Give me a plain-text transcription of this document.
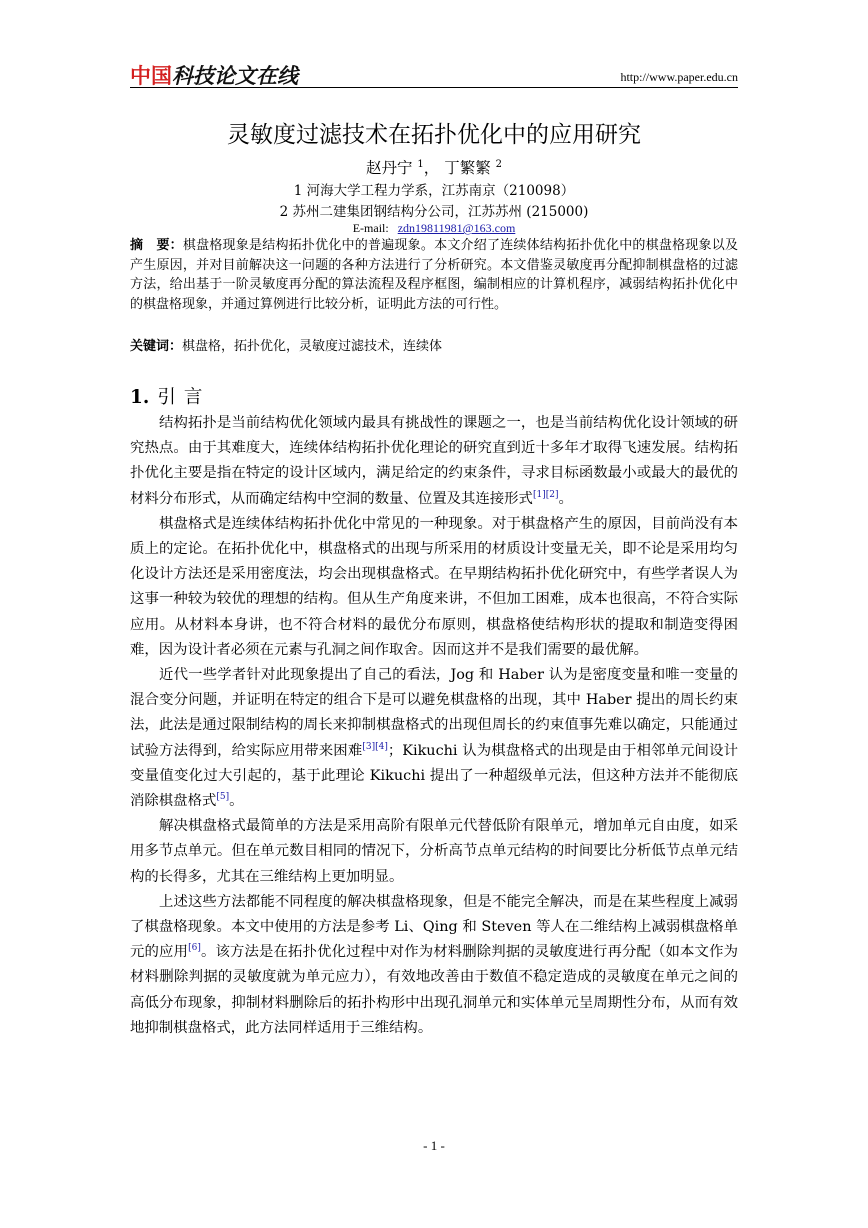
中国科技论文在线	http://www.paper.edu.cn
灵敏度过滤技术在拓扑优化中的应用研究
赵丹宁 $^1$， 丁繁繁 $^2$
1 河海大学工程力学系，江苏南京（210098）
2 苏州二建集团钢结构分公司，江苏苏州 (215000)
E-mail: zdn19811981@163.com
摘　要：棋盘格现象是结构拓扑优化中的普遍现象。本文介绍了连续体结构拓扑优化中的棋盘格现象以及产生原因，并对目前解决这一问题的各种方法进行了分析研究。本文借鉴灵敏度再分配抑制棋盘格的过滤方法，给出基于一阶灵敏度再分配的算法流程及程序框图，编制相应的计算机程序，减弱结构拓扑优化中的棋盘格现象，并通过算例进行比较分析，证明此方法的可行性。
关键词：棋盘格，拓扑优化，灵敏度过滤技术，连续体
1. 引言

结构拓扑是当前结构优化领域内最具有挑战性的课题之一，也是当前结构优化设计领域的研究热点。由于其难度大，连续体结构拓扑优化理论的研究直到近十多年才取得飞速发展。结构拓扑优化主要是指在特定的设计区域内，满足给定的约束条件，寻求目标函数最小或最大的最优的材料分布形式，从而确定结构中空洞的数量、位置及其连接形式[1][2]。

棋盘格式是连续体结构拓扑优化中常见的一种现象。对于棋盘格产生的原因，目前尚没有本质上的定论。在拓扑优化中，棋盘格式的出现与所采用的材质设计变量无关，即不论是采用均匀化设计方法还是采用密度法，均会出现棋盘格式。在早期结构拓扑优化研究中，有些学者误人为这事一种较为较优的理想的结构。但从生产角度来讲，不但加工困难，成本也很高，不符合实际应用。从材料本身讲，也不符合材料的最优分布原则，棋盘格使结构形状的提取和制造变得困难，因为设计者必须在元素与孔洞之间作取舍。因而这并不是我们需要的最优解。

近代一些学者针对此现象提出了自己的看法，Jog 和 Haber 认为是密度变量和唯一变量的混合变分问题，并证明在特定的组合下是可以避免棋盘格的出现，其中 Haber 提出的周长约束法，此法是通过限制结构的周长来抑制棋盘格式的出现但周长的约束值事先难以确定，只能通过试验方法得到，给实际应用带来困难[3][4]；Kikuchi 认为棋盘格式的出现是由于相邻单元间设计变量值变化过大引起的，基于此理论 Kikuchi 提出了一种超级单元法，但这种方法并不能彻底消除棋盘格式[5]。

解决棋盘格式最简单的方法是采用高阶有限单元代替低阶有限单元，增加单元自由度，如采用多节点单元。但在单元数目相同的情况下，分析高节点单元结构的时间要比分析低节点单元结构的长得多，尤其在三维结构上更加明显。

上述这些方法都能不同程度的解决棋盘格现象，但是不能完全解决，而是在某些程度上减弱了棋盘格现象。本文中使用的方法是参考 Li、Qing 和 Steven 等人在二维结构上减弱棋盘格单元的应用[6]。该方法是在拓扑优化过程中对作为材料删除判据的灵敏度进行再分配（如本文作为材料删除判据的灵敏度就为单元应力），有效地改善由于数值不稳定造成的灵敏度在单元之间的高低分布现象，抑制材料删除后的拓扑构形中出现孔洞单元和实体单元呈周期性分布，从而有效地抑制棋盘格式，此方法同样适用于三维结构。

- 1 -
